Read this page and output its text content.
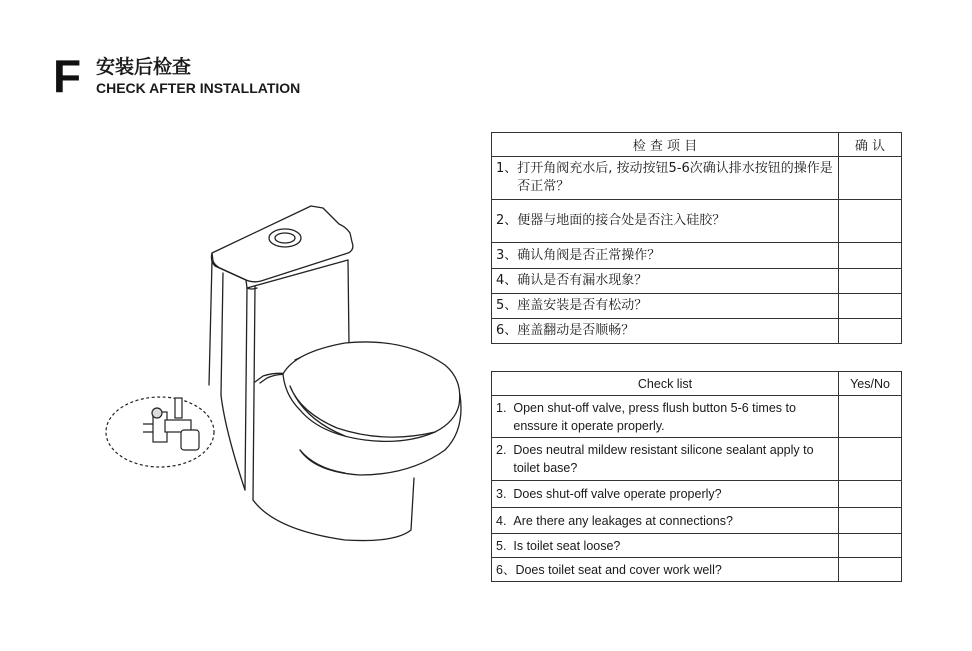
F 安装后检查
CHECK AFTER INSTALLATION
检 查 项 目	确 认

1、 打开角阀充水后, 按动按钮5-6次确认排水按钮的操作是否正常？	

2、 便器与地面的接合处是否注入硅胶？	

3、 确认角阀是否正常操作？	

4、 确认是否有漏水现象？	

5、 座盖安装是否有松动？	

6、 座盖翻动是否顺畅？	

Check list	Yes/No

1. Open shut-off valve, press flush button 5-6 times to enssure it operate properly.	

2. Does neutral mildew resistant silicone sealant apply to toilet base?	

3. Does shut-off valve operate properly?	

4. Are there any leakages at connections?	

5. Is toilet seat loose?	

6、 Does toilet seat and cover work well?	
